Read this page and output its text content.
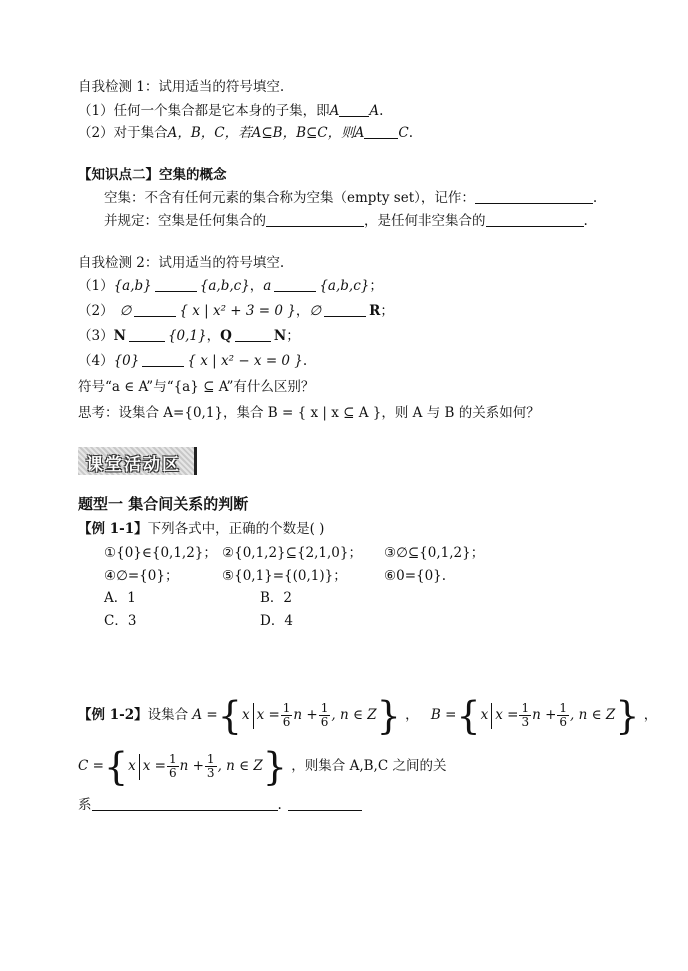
自我检测 1：试用适当的符号填空.
（1）任何一个集合都是它本身的子集，即A A.
（2）对于集合A，B，C，若A⊆B，B⊆C，则A	C.
【知识点二】空集的概念
空集：不含有任何元素的集合称为空集（empty set），记作：	.
并规定：空集是任何集合的	，是任何非空集合的	.
自我检测 2：试用适当的符号填空.
（1）{a,b}	{a,b,c}，a	{a,b,c}；
（2） ∅	{ x | x² + 3 = 0 }，∅	R；
（3）N	{0,1}，Q	N；
（4）{0}	{ x | x² − x = 0 }.
符号“a ∈ A”与“{a} ⊆ A”有什么区别？
思考：设集合 A={0,1}，集合 B = { x | x ⊆ A }，则 A 与 B 的关系如何？
课堂活动区
题型一 集合间关系的判断
【例 1-1】下列各式中，正确的个数是( )
①{0}∈{0,1,2}； ②{0,1,2}⊆{2,1,0}； ③∅⊆{0,1,2}；
④∅={0}；	⑤{0,1}={(0,1)}；	⑥0={0}.
A．1	B．2
C．3	D．4
【例 1-2】设集合 A ={x $x = \frac{1}{6}$ $n + \frac{1}{6}$ , n ∈ Z} ， B ={x $x = \frac{1}{3}$ $n + \frac{1}{6}$ , n ∈ Z} ，
C ={x $x = \frac{1}{6}$ $n + \frac{1}{3}$ , n ∈ Z} ，则集合 A,B,C 之间的关
系	.
